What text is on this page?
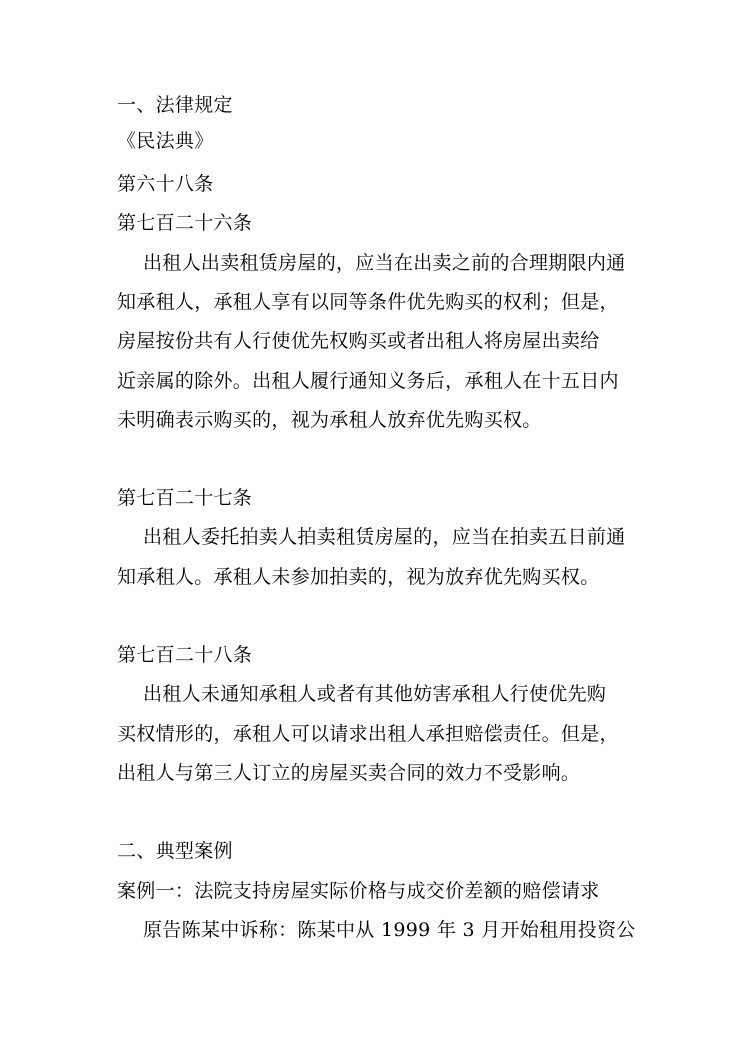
一、法律规定
《民法典》
第六十八条
第七百二十六条
出租人出卖租赁房屋的，应当在出卖之前的合理期限内通
知承租人，承租人享有以同等条件优先购买的权利；但是，
房屋按份共有人行使优先权购买或者出租人将房屋出卖给
近亲属的除外。出租人履行通知义务后，承租人在十五日内
未明确表示购买的，视为承租人放弃优先购买权。
第七百二十七条
出租人委托拍卖人拍卖租赁房屋的，应当在拍卖五日前通
知承租人。承租人未参加拍卖的，视为放弃优先购买权。
第七百二十八条
出租人未通知承租人或者有其他妨害承租人行使优先购
买权情形的，承租人可以请求出租人承担赔偿责任。但是，
出租人与第三人订立的房屋买卖合同的效力不受影响。
二、典型案例
案例一：法院支持房屋实际价格与成交价差额的赔偿请求
原告陈某中诉称：陈某中从 1999 年 3 月开始租用投资公
